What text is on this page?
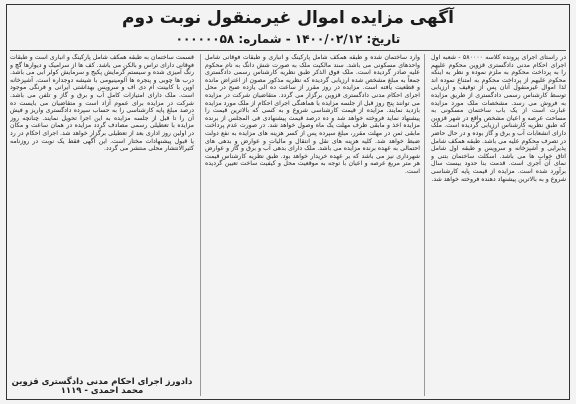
آگهی مزایده اموال غیرمنقول نوبت دوم
تاریخ: ۱۴۰۰/۰۲/۱۲ - شماره: ۰۰۰۰۰۰۵۸

در راستای اجرای پرونده کلاسه ۵۸۰۰۰۰ - شعبه اول اجرای احکام مدنی دادگستری قزوین محکوم علیهم را به پرداخت محکوم به ملزم نموده و نظر به اینکه محکوم علیهم از پرداخت محکوم به امتناع نموده اند لذا اموال غیرمنقول آنان پس از توقیف و ارزیابی توسط کارشناس رسمی دادگستری از طریق مزایده به فروش می رسد. مشخصات ملک مورد مزایده عبارت است از یک باب ساختمان مسکونی به مساحت عرصه و اعیان مشخص واقع در شهر قزوین که طبق نظریه کارشناس ارزیابی گردیده است. ملک دارای انشعابات آب و برق و گاز بوده و در حال حاضر در تصرف محکوم علیه می باشد. طبقه همکف شامل پذیرایی و آشپزخانه و سرویس و طبقه اول شامل اتاق خواب ها می باشد. اسکلت ساختمان بتنی و نمای آن آجری است. قدمت بنا حدود بیست سال برآورد شده است. مزایده از قیمت پایه کارشناسی شروع و به بالاترین پیشنهاد دهنده فروخته خواهد شد.

وارد ساختمان شده و طبقه همکف شامل پارکینگ و انباری و طبقات فوقانی شامل واحدهای مسکونی می باشد. سند مالکیت ملک به صورت شش دانگ به نام محکوم علیه صادر گردیده است. ملک فوق الذکر طبق نظریه کارشناس رسمی دادگستری جمعاً به مبلغ مشخص شده ارزیابی گردیده که نظریه مذکور مصون از اعتراض مانده و قطعیت یافته است. مزایده در روز مقرر از ساعت ده الی یازده صبح در محل اجرای احکام مدنی دادگستری قزوین برگزار می گردد. متقاضیان شرکت در مزایده می توانند پنج روز قبل از جلسه مزایده با هماهنگی اجرای احکام از ملک مورد مزایده بازدید نمایند. مزایده از قیمت کارشناسی شروع و به کسی که بالاترین قیمت را پیشنهاد نماید فروخته خواهد شد و ده درصد قیمت پیشنهادی فی المجلس از برنده مزایده اخذ و مابقی ظرف مهلت یک ماه وصول خواهد شد. در صورت عدم پرداخت مابقی ثمن در مهلت مقرر، مبلغ سپرده پس از کسر هزینه های مزایده به نفع دولت ضبط خواهد شد. کلیه هزینه های نقل و انتقال و مالیات و عوارض و بدهی های احتمالی به عهده برنده مزایده می باشد. ملک دارای بدهی آب و برق و گاز و عوارض شهرداری نیز می باشد که بر عهده خریدار خواهد بود. طبق نظریه کارشناس قیمت هر متر مربع عرصه و اعیان با توجه به موقعیت محل و کیفیت ساخت تعیین گردیده است.

قسمت ساختمان به طبقه همکف شامل پارکینگ و انباری است و طبقات فوقانی دارای تراس و بالکن می باشد. کف ها از سرامیک و دیوارها گچ و رنگ آمیزی شده و سیستم گرمایش پکیج و سرمایش کولر آبی می باشد. درب ها چوبی و پنجره ها آلومینیومی با شیشه دوجداره است. آشپزخانه اوپن با کابینت ام دی اف و سرویس بهداشتی ایرانی و فرنگی موجود است. ملک دارای امتیازات کامل آب و برق و گاز و تلفن می باشد. شرکت در مزایده برای عموم آزاد است و متقاضیان می بایست ده درصد مبلغ پایه کارشناسی را به حساب سپرده دادگستری واریز و فیش آن را تا قبل از جلسه مزایده به این اجرا تحویل نمایند. چنانچه روز مزایده با تعطیلی رسمی مصادف گردد مزایده در همان ساعت و مکان در اولین روز اداری بعد از تعطیلی برگزار خواهد شد. اجرای احکام در رد یا قبول پیشنهادات مختار است. این آگهی فقط یک نوبت در روزنامه کثیرالانتشار محلی منتشر می گردد.

دادورز اجرای احکام مدنی دادگستری قزوین
محمد احمدی - ۱۱۱۹
